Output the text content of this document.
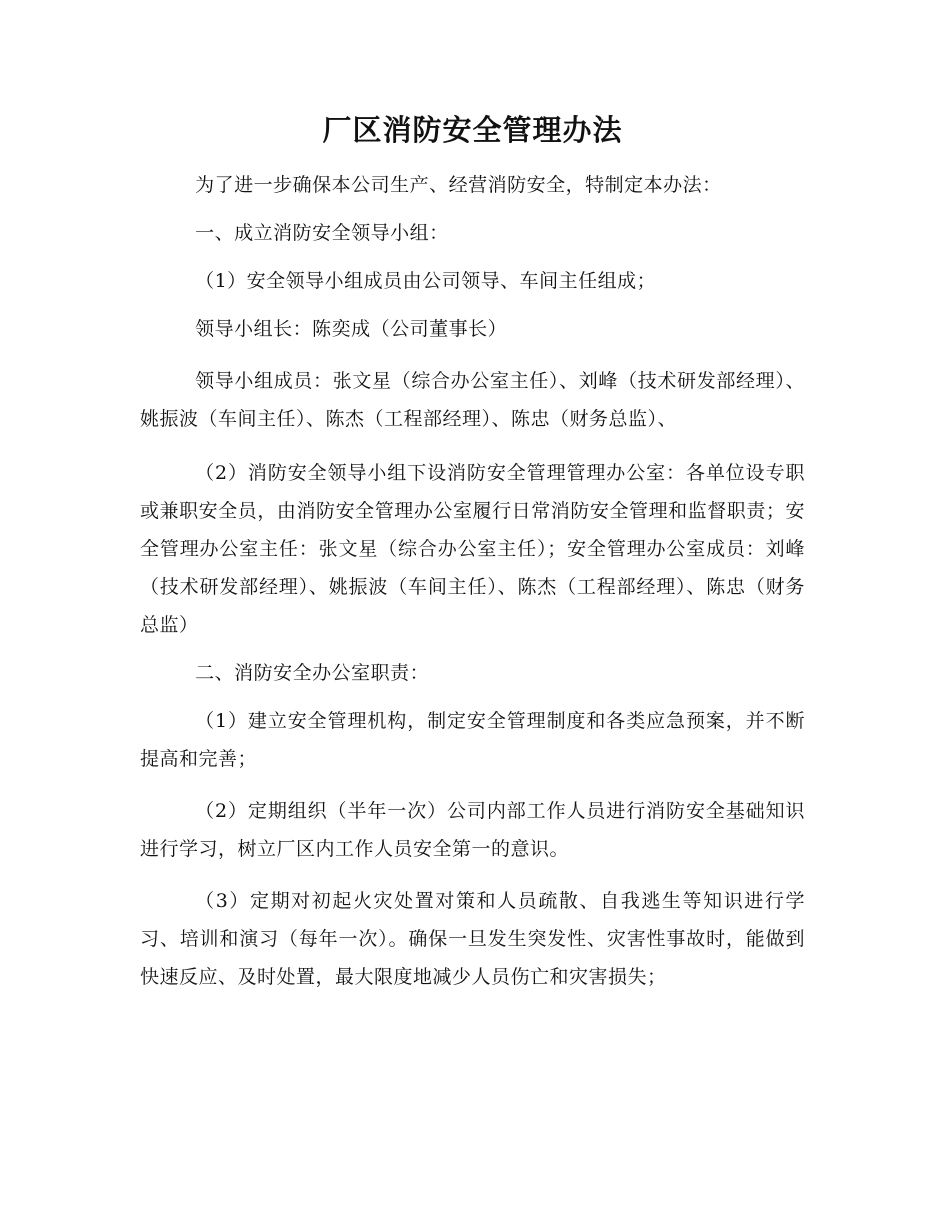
厂区消防安全管理办法

为了进一步确保本公司生产、经营消防安全，特制定本办法：

一、成立消防安全领导小组：

（1）安全领导小组成员由公司领导、车间主任组成；

领导小组长：陈奕成（公司董事长）

领导小组成员：张文星（综合办公室主任）、刘峰（技术研发部经理）、姚振波（车间主任）、陈杰（工程部经理）、陈忠（财务总监）、

（2）消防安全领导小组下设消防安全管理管理办公室：各单位设专职或兼职安全员，由消防安全管理办公室履行日常消防安全管理和监督职责；安全管理办公室主任：张文星（综合办公室主任）；安全管理办公室成员：刘峰（技术研发部经理）、姚振波（车间主任）、陈杰（工程部经理）、陈忠（财务总监）

二、消防安全办公室职责：

（1）建立安全管理机构，制定安全管理制度和各类应急预案，并不断提高和完善；

（2）定期组织（半年一次）公司内部工作人员进行消防安全基础知识进行学习，树立厂区内工作人员安全第一的意识。

（3）定期对初起火灾处置对策和人员疏散、自我逃生等知识进行学习、培训和演习（每年一次）。确保一旦发生突发性、灾害性事故时，能做到快速反应、及时处置，最大限度地减少人员伤亡和灾害损失；
